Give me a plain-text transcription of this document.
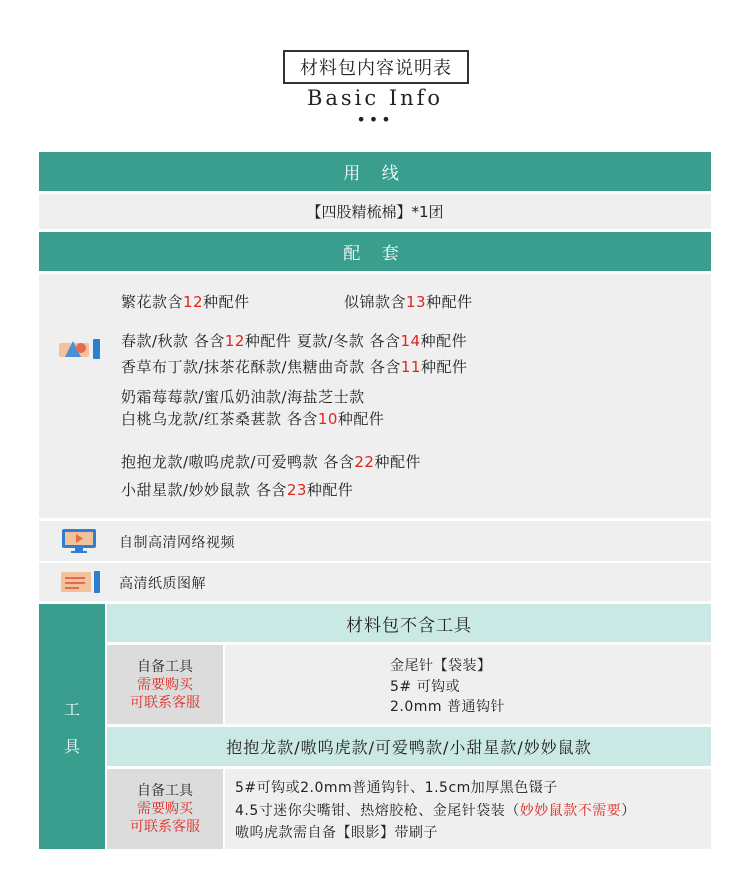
材料包内容说明表
Basic Info
•••
用 线
【四股精梳棉】*1团
配 套
繁花款含12种配件	似锦款含13种配件
春款/秋款 各含12种配件 夏款/冬款 各含14种配件
香草布丁款/抹茶花酥款/焦糖曲奇款 各含11种配件
奶霜莓莓款/蜜瓜奶油款/海盐芝士款
白桃乌龙款/红茶桑葚款 各含10种配件
抱抱龙款/嗷呜虎款/可爱鸭款 各含22种配件
小甜星款/妙妙鼠款 各含23种配件
自制高清网络视频
高清纸质图解
工
具
材料包不含工具
自备工具
需要购买
可联系客服
金尾针【袋装】
5# 可钩或
2.0mm 普通钩针
抱抱龙款/嗷呜虎款/可爱鸭款/小甜星款/妙妙鼠款
自备工具
需要购买
可联系客服
5#可钩或2.0mm普通钩针、1.5cm加厚黑色镊子
4.5寸迷你尖嘴钳、热熔胶枪、金尾针袋装（妙妙鼠款不需要）
嗷呜虎款需自备【眼影】带刷子
